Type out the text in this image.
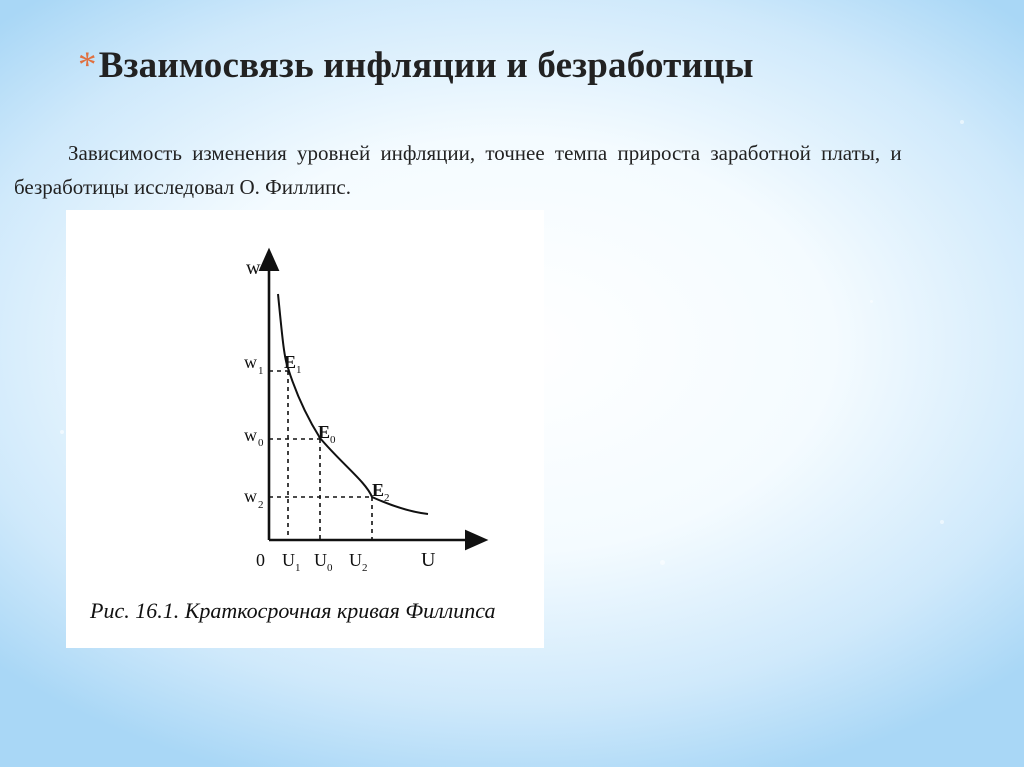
*Взаимосвязь инфляции и безработицы
Зависимость изменения уровней инфляции, точнее темпа прироста заработной платы, и
безработицы исследовал О. Филлипс.
w
U
0
w 1
w 0
w 2
U 1 U 0 U 2
E 1
E 0
E 2
Рис. 16.1. Краткосрочная кривая Филлипса
